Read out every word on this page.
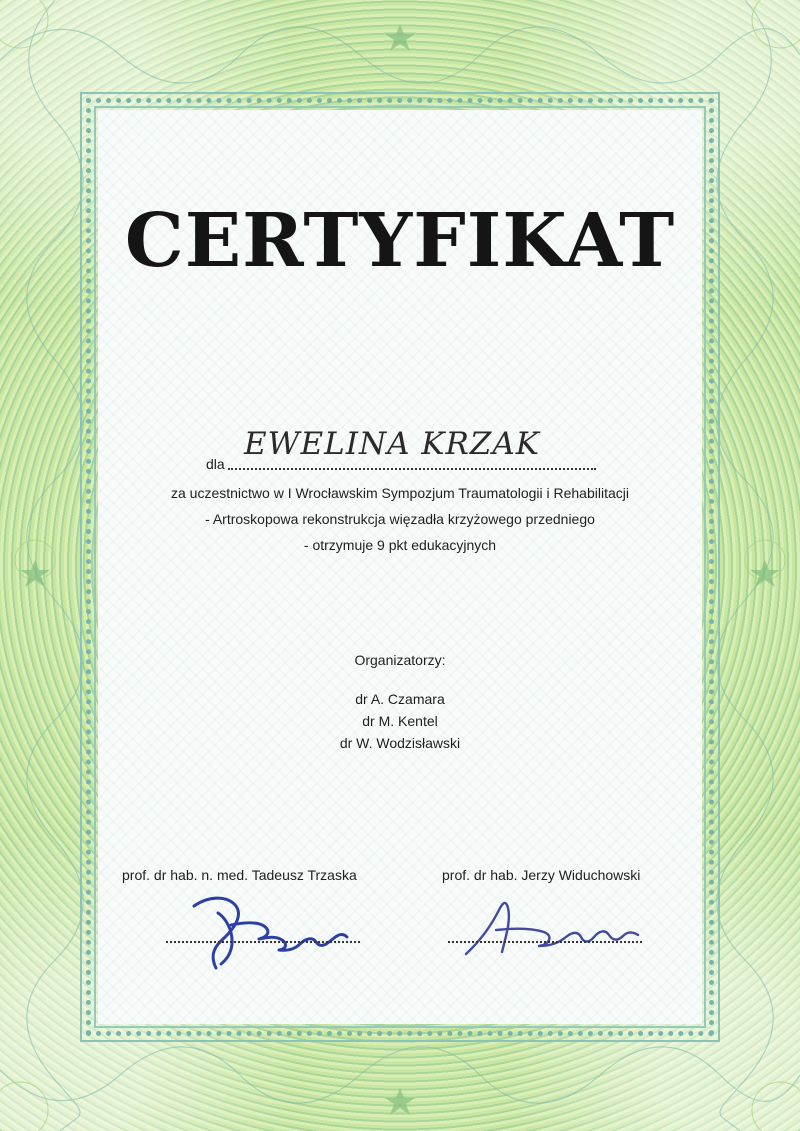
CERTYFIKAT
dla
EWELINA KRZAK
za uczestnictwo w I Wrocławskim Sympozjum Traumatologii i Rehabilitacji
- Artroskopowa rekonstrukcja więzadła krzyżowego przedniego
- otrzymuje 9 pkt edukacyjnych
Organizatorzy:
dr A. Czamara
dr M. Kentel
dr W. Wodzisławski
prof. dr hab. n. med. Tadeusz Trzaska	prof. dr hab. Jerzy Widuchowski
